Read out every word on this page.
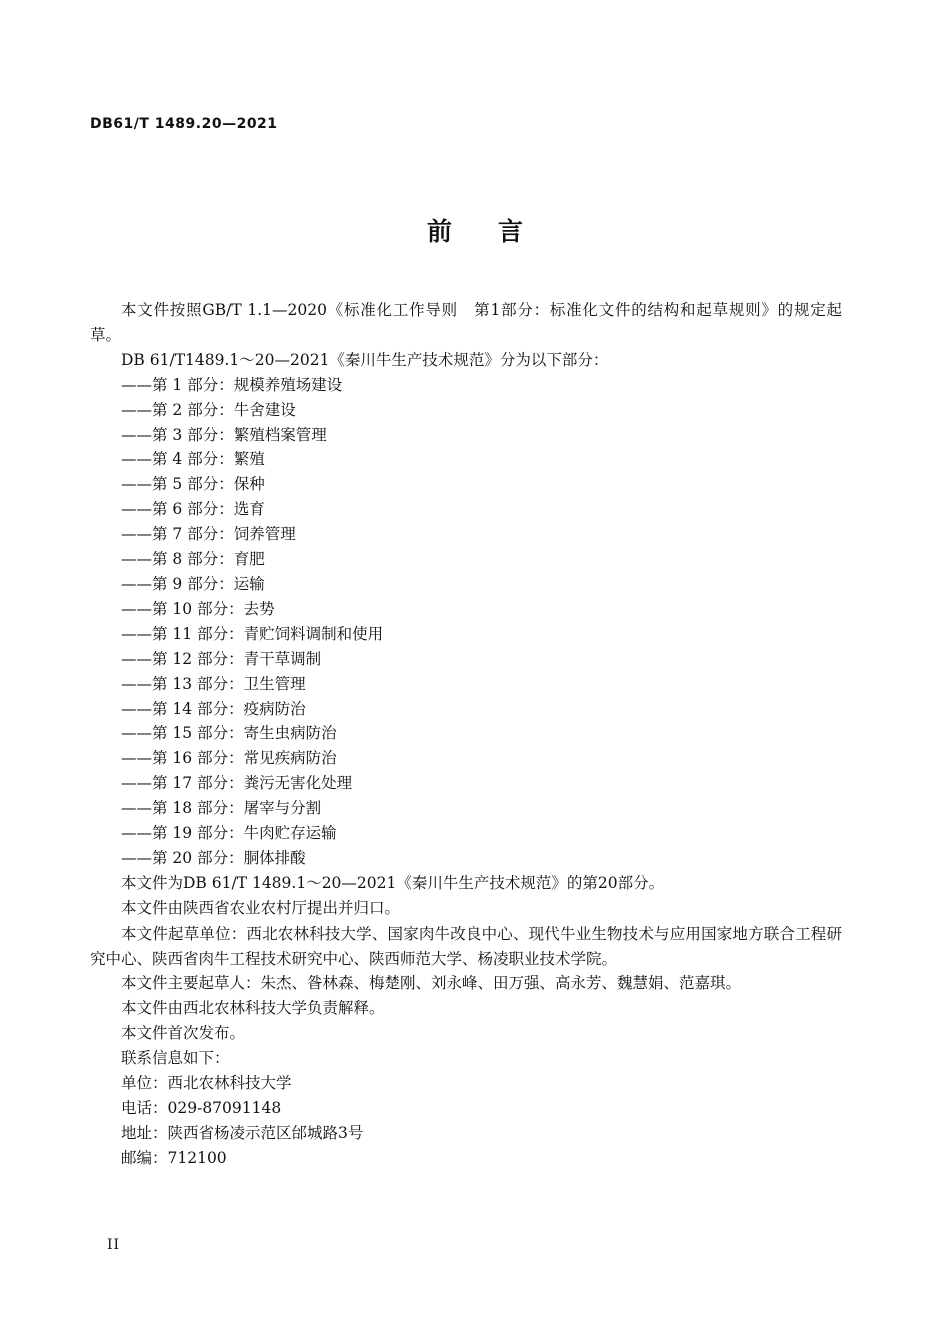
DB61/T 1489.20—2021
前言

本文件按照GB/T 1.1—2020《标准化工作导则　第1部分：标准化文件的结构和起草规则》的规定起草。

DB 61/T1489.1～20—2021《秦川牛生产技术规范》分为以下部分：

——第 1 部分：规模养殖场建设
——第 2 部分：牛舍建设
——第 3 部分：繁殖档案管理
——第 4 部分：繁殖
——第 5 部分：保种
——第 6 部分：选育
——第 7 部分：饲养管理
——第 8 部分：育肥
——第 9 部分：运输
——第 10 部分：去势
——第 11 部分：青贮饲料调制和使用
——第 12 部分：青干草调制
——第 13 部分：卫生管理
——第 14 部分：疫病防治
——第 15 部分：寄生虫病防治
——第 16 部分：常见疾病防治
——第 17 部分：粪污无害化处理
——第 18 部分：屠宰与分割
——第 19 部分：牛肉贮存运输
——第 20 部分：胴体排酸

本文件为DB 61/T 1489.1～20—2021《秦川牛生产技术规范》的第20部分。

本文件由陕西省农业农村厅提出并归口。

本文件起草单位：西北农林科技大学、国家肉牛改良中心、现代牛业生物技术与应用国家地方联合工程研究中心、陕西省肉牛工程技术研究中心、陕西师范大学、杨凌职业技术学院。

本文件主要起草人：朱杰、昝林森、梅楚刚、刘永峰、田万强、高永芳、魏慧娟、范嘉琪。

本文件由西北农林科技大学负责解释。

本文件首次发布。

联系信息如下：

单位：西北农林科技大学
电话：029-87091148
地址：陕西省杨凌示范区邰城路3号
邮编：712100
II
